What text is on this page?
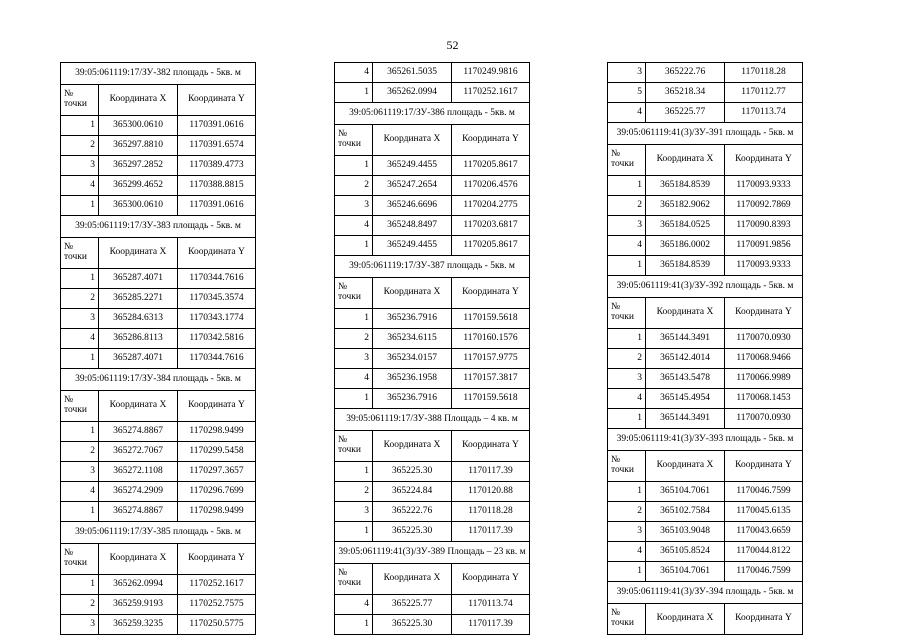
52
39:05:061119:17/ЗУ-382 площадь - 5кв. м		
№ точки	Координата X	Координата Y
1	365300.0610	1170391.0616
2	365297.8810	1170391.6574
3	365297.2852	1170389.4773
4	365299.4652	1170388.8815
1	365300.0610	1170391.0616
39:05:061119:17/ЗУ-383 площадь - 5кв. м		
№ точки	Координата X	Координата Y
1	365287.4071	1170344.7616
2	365285.2271	1170345.3574
3	365284.6313	1170343.1774
4	365286.8113	1170342.5816
1	365287.4071	1170344.7616
39:05:061119:17/ЗУ-384 площадь - 5кв. м		
№ точки	Координата X	Координата Y
1	365274.8867	1170298.9499
2	365272.7067	1170299.5458
3	365272.1108	1170297.3657
4	365274.2909	1170296.7699
1	365274.8867	1170298.9499
39:05:061119:17/ЗУ-385 площадь - 5кв. м		
№ точки	Координата X	Координата Y
1	365262.0994	1170252.1617
2	365259.9193	1170252.7575
3	365259.3235	1170250.5775
4	365261.5035	1170249.9816
1	365262.0994	1170252.1617
39:05:061119:17/ЗУ-386 площадь - 5кв. м		
№ точки	Координата X	Координата Y
1	365249.4455	1170205.8617
2	365247.2654	1170206.4576
3	365246.6696	1170204.2775
4	365248.8497	1170203.6817
1	365249.4455	1170205.8617
39:05:061119:17/ЗУ-387 площадь - 5кв. м		
№ точки	Координата X	Координата Y
1	365236.7916	1170159.5618
2	365234.6115	1170160.1576
3	365234.0157	1170157.9775
4	365236.1958	1170157.3817
1	365236.7916	1170159.5618
39:05:061119:17/ЗУ-388 Площадь – 4 кв. м		
№ точки	Координата X	Координата Y
1	365225.30	1170117.39
2	365224.84	1170120.88
3	365222.76	1170118.28
1	365225.30	1170117.39
39:05:061119:41(3)/ЗУ-389 Площадь – 23 кв. м		
№ точки	Координата X	Координата Y
4	365225.77	1170113.74
1	365225.30	1170117.39
3	365222.76	1170118.28
5	365218.34	1170112.77
4	365225.77	1170113.74
39:05:061119:41(3)/ЗУ-391 площадь - 5кв. м		
№ точки	Координата X	Координата Y
1	365184.8539	1170093.9333
2	365182.9062	1170092.7869
3	365184.0525	1170090.8393
4	365186.0002	1170091.9856
1	365184.8539	1170093.9333
39:05:061119:41(3)/ЗУ-392 площадь - 5кв. м		
№ точки	Координата X	Координата Y
1	365144.3491	1170070.0930
2	365142.4014	1170068.9466
3	365143.5478	1170066.9989
4	365145.4954	1170068.1453
1	365144.3491	1170070.0930
39:05:061119:41(3)/ЗУ-393 площадь - 5кв. м		
№ точки	Координата X	Координата Y
1	365104.7061	1170046.7599
2	365102.7584	1170045.6135
3	365103.9048	1170043.6659
4	365105.8524	1170044.8122
1	365104.7061	1170046.7599
39:05:061119:41(3)/ЗУ-394 площадь - 5кв. м		
№ точки	Координата X	Координата Y
